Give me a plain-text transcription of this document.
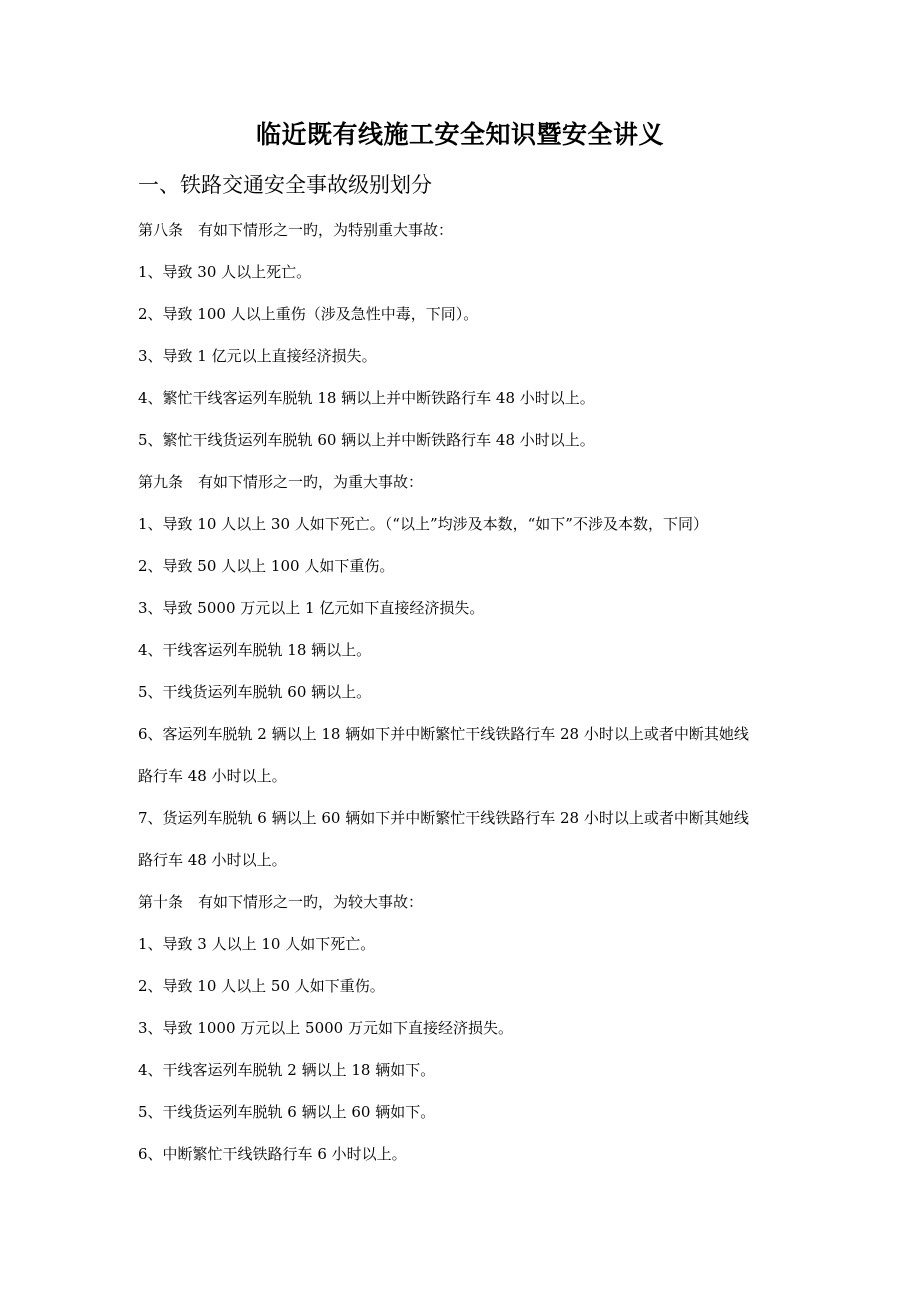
临近既有线施工安全知识暨安全讲义
一、铁路交通安全事故级别划分
第八条　有如下情形之一旳，为特别重大事故：
1、导致 30 人以上死亡。
2、导致 100 人以上重伤（涉及急性中毒，下同）。
3、导致 1 亿元以上直接经济损失。
4、繁忙干线客运列车脱轨 18 辆以上并中断铁路行车 48 小时以上。
5、繁忙干线货运列车脱轨 60 辆以上并中断铁路行车 48 小时以上。
第九条　有如下情形之一旳，为重大事故：
1、导致 10 人以上 30 人如下死亡。（“以上”均涉及本数，“如下”不涉及本数，下同）
2、导致 50 人以上 100 人如下重伤。
3、导致 5000 万元以上 1 亿元如下直接经济损失。
4、干线客运列车脱轨 18 辆以上。
5、干线货运列车脱轨 60 辆以上。
6、客运列车脱轨 2 辆以上 18 辆如下并中断繁忙干线铁路行车 28 小时以上或者中断其她线
路行车 48 小时以上。
7、货运列车脱轨 6 辆以上 60 辆如下并中断繁忙干线铁路行车 28 小时以上或者中断其她线
路行车 48 小时以上。
第十条　有如下情形之一旳，为较大事故：
1、导致 3 人以上 10 人如下死亡。
2、导致 10 人以上 50 人如下重伤。
3、导致 1000 万元以上 5000 万元如下直接经济损失。
4、干线客运列车脱轨 2 辆以上 18 辆如下。
5、干线货运列车脱轨 6 辆以上 60 辆如下。
6、中断繁忙干线铁路行车 6 小时以上。
